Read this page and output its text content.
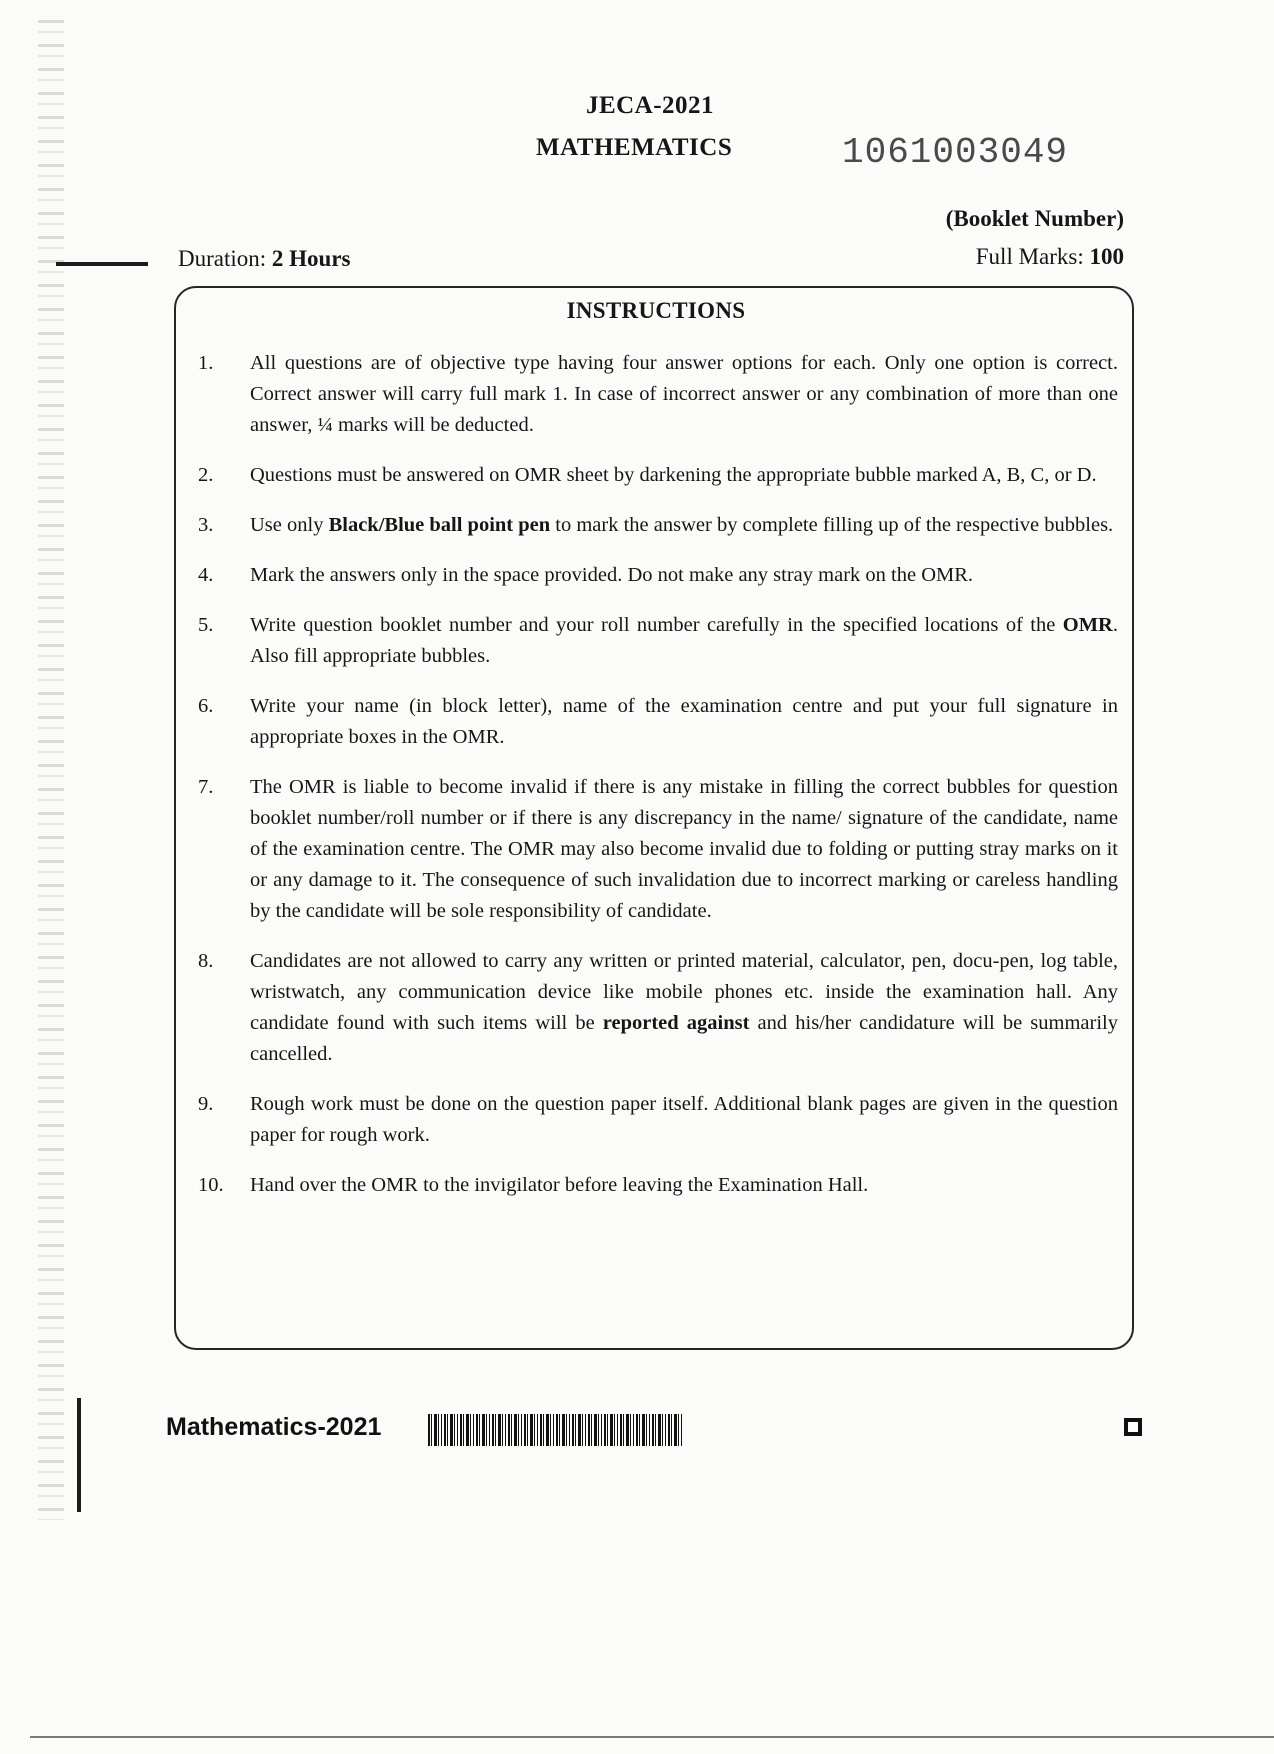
JECA-2021
MATHEMATICS	1061003049
(Booklet Number)
Duration: 2 Hours	Full Marks: 100
INSTRUCTIONS
1.	All questions are of objective type having four answer options for each. Only one option is correct. Correct answer will carry full mark 1. In case of incorrect answer or any combination of more than one answer, ¼ marks will be deducted.
2.	Questions must be answered on OMR sheet by darkening the appropriate bubble marked A, B, C, or D.
3.	Use only Black/Blue ball point pen to mark the answer by complete filling up of the respective bubbles.
4.	Mark the answers only in the space provided. Do not make any stray mark on the OMR.
5.	Write question booklet number and your roll number carefully in the specified locations of the OMR. Also fill appropriate bubbles.
6.	Write your name (in block letter), name of the examination centre and put your full signature in appropriate boxes in the OMR.
7.	The OMR is liable to become invalid if there is any mistake in filling the correct bubbles for question booklet number/roll number or if there is any discrepancy in the name/ signature of the candidate, name of the examination centre. The OMR may also become invalid due to folding or putting stray marks on it or any damage to it. The consequence of such invalidation due to incorrect marking or careless handling by the candidate will be sole responsibility of candidate.
8.	Candidates are not allowed to carry any written or printed material, calculator, pen, docu-pen, log table, wristwatch, any communication device like mobile phones etc. inside the examination hall. Any candidate found with such items will be reported against and his/her candidature will be summarily cancelled.
9.	Rough work must be done on the question paper itself. Additional blank pages are given in the question paper for rough work.
10.	Hand over the OMR to the invigilator before leaving the Examination Hall.
Mathematics-2021
